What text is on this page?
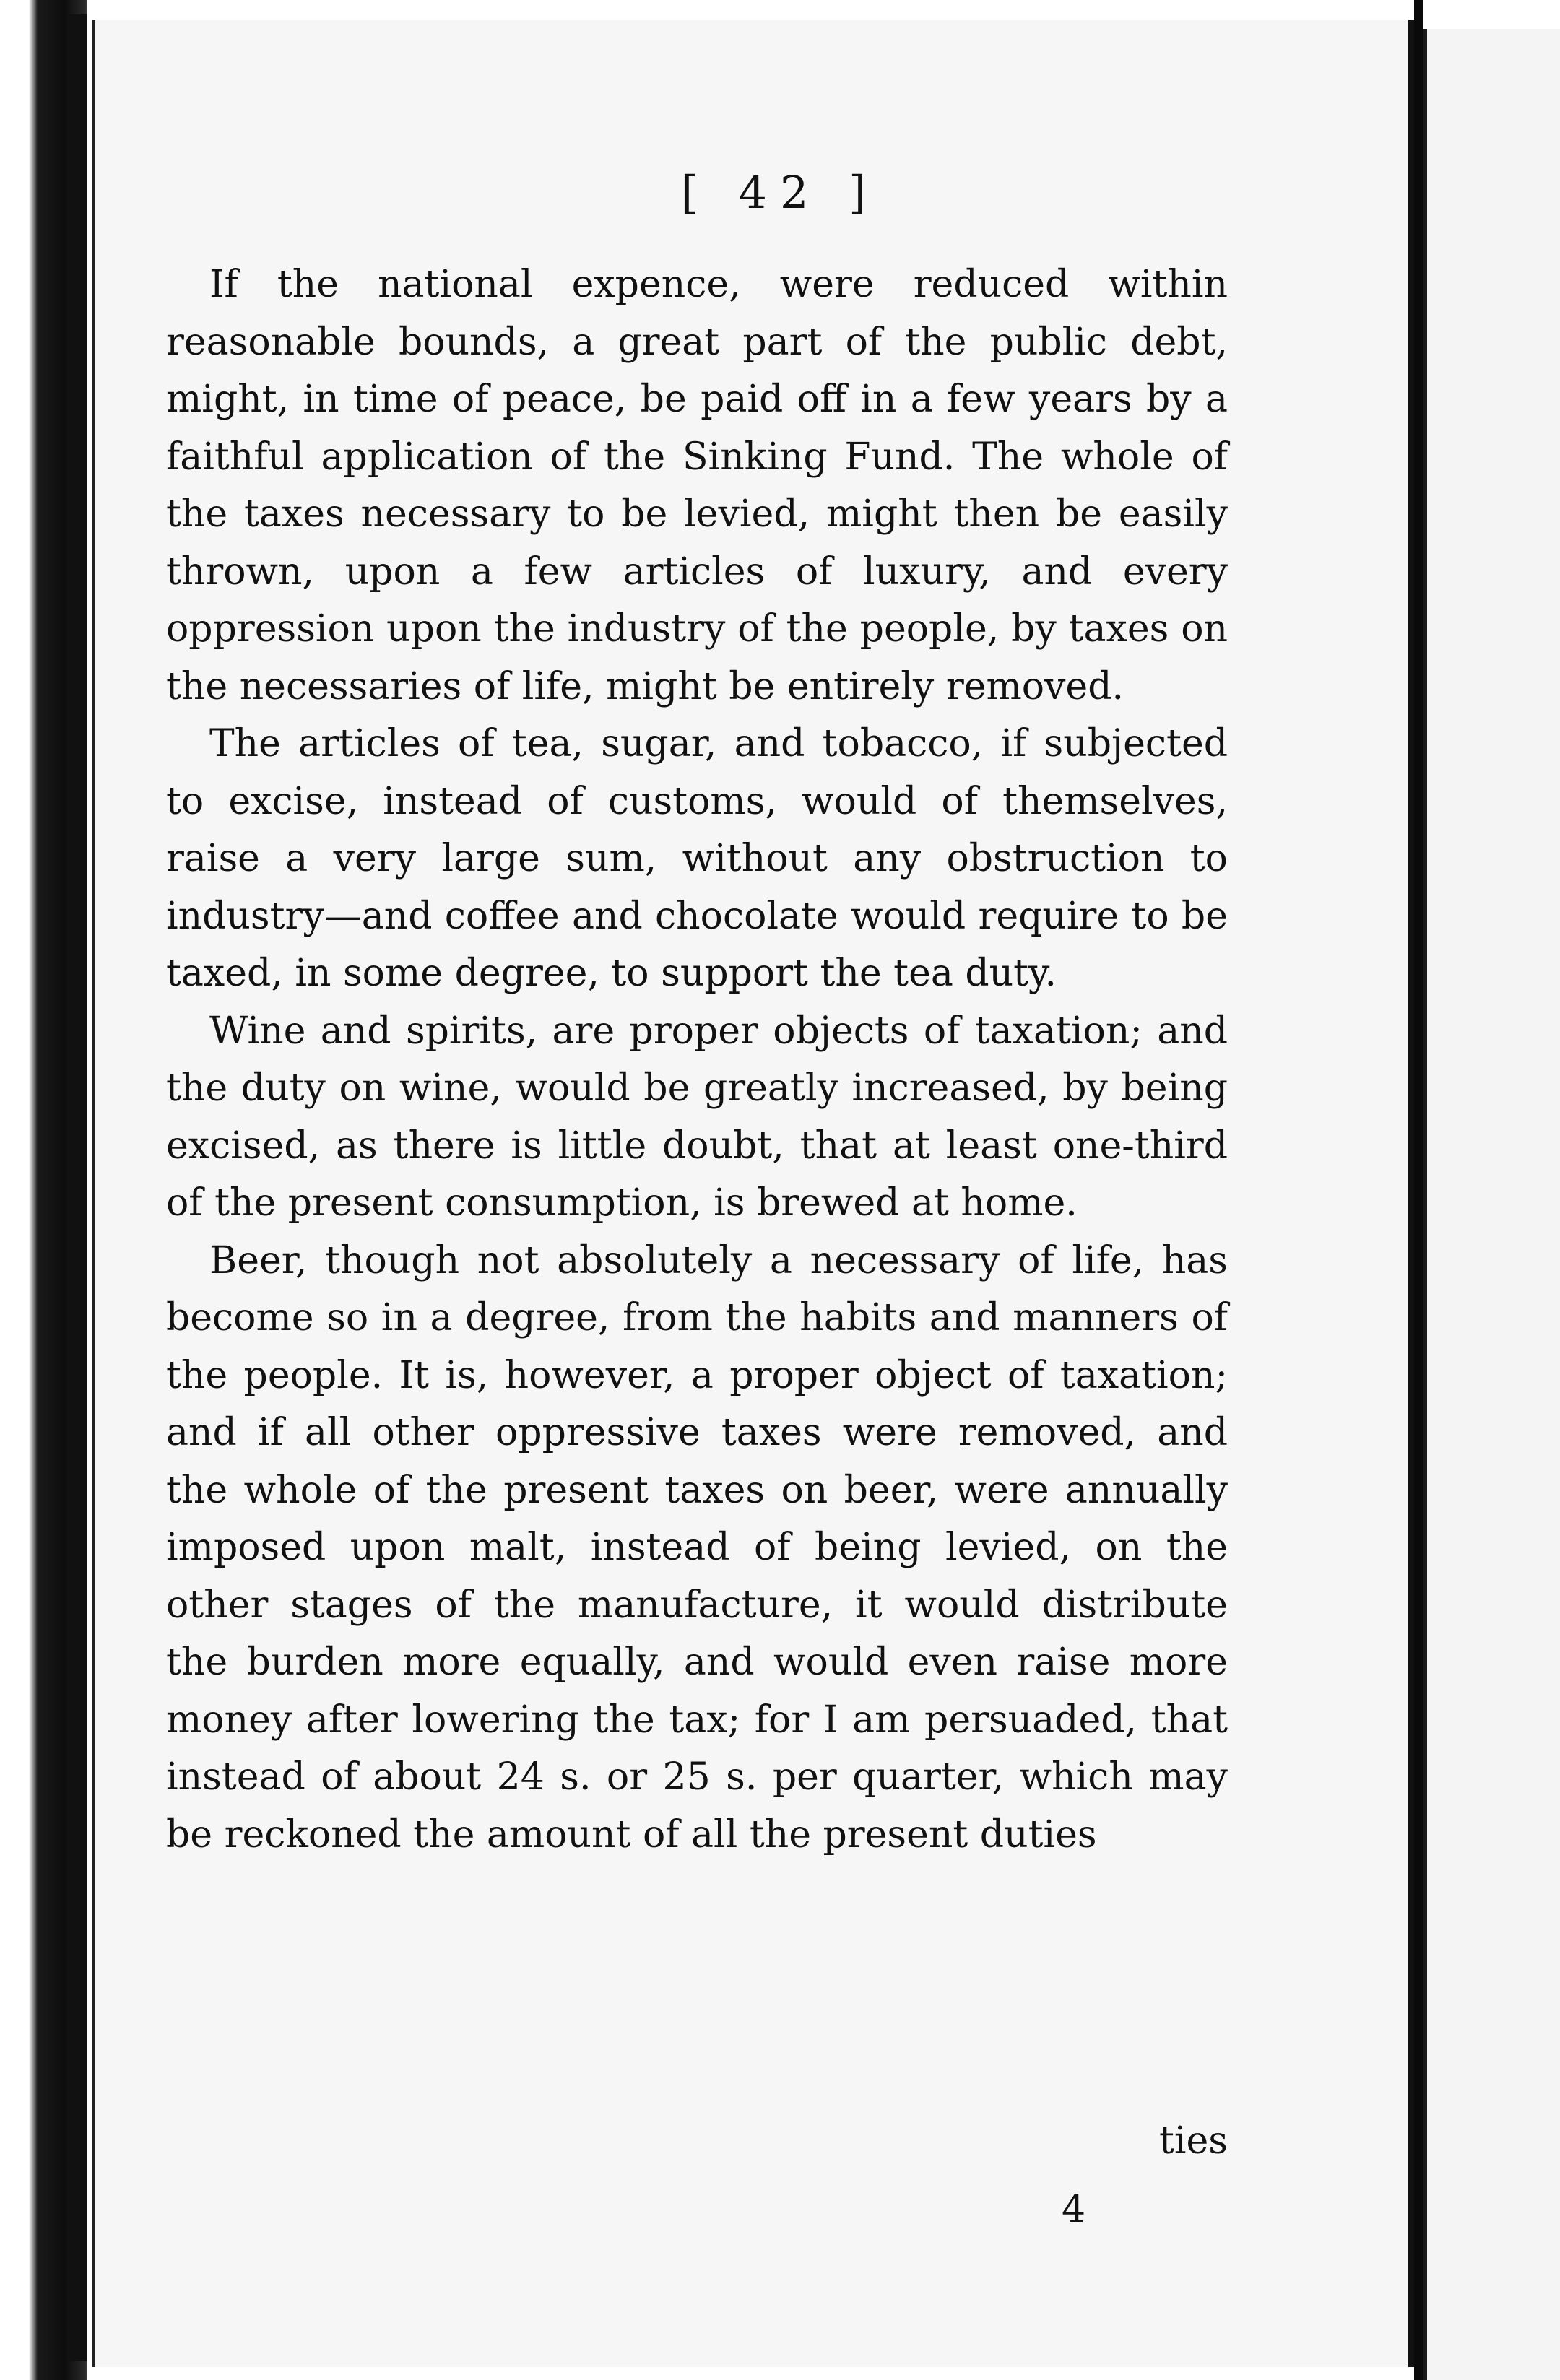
[ 42 ]

If the national expence, were reduced within reasonable bounds, a great part of the public debt, might, in time of peace, be paid off in a few years by a faithful application of the Sinking Fund. The whole of the taxes necessary to be levied, might then be easily thrown, upon a few articles of luxury, and every oppression upon the industry of the people, by taxes on the necessaries of life, might be entirely removed.

The articles of tea, sugar, and tobacco, if subjected to excise, instead of customs, would of themselves, raise a very large sum, without any obstruction to industry—and coffee and chocolate would require to be taxed, in some degree, to support the tea duty.

Wine and spirits, are proper objects of taxation; and the duty on wine, would be greatly increased, by being excised, as there is little doubt, that at least one-third of the present consumption, is brewed at home.

Beer, though not absolutely a necessary of life, has become so in a degree, from the habits and manners of the people. It is, however, a proper object of taxation; and if all other oppressive taxes were removed, and the whole of the present taxes on beer, were annually imposed upon malt, instead of being levied, on the other stages of the manufacture, it would distribute the burden more equally, and would even raise more money after lowering the tax; for I am persuaded, that instead of about 24 s. or 25 s. per quarter, which may be reckoned the amount of all the present duties

ties
4
